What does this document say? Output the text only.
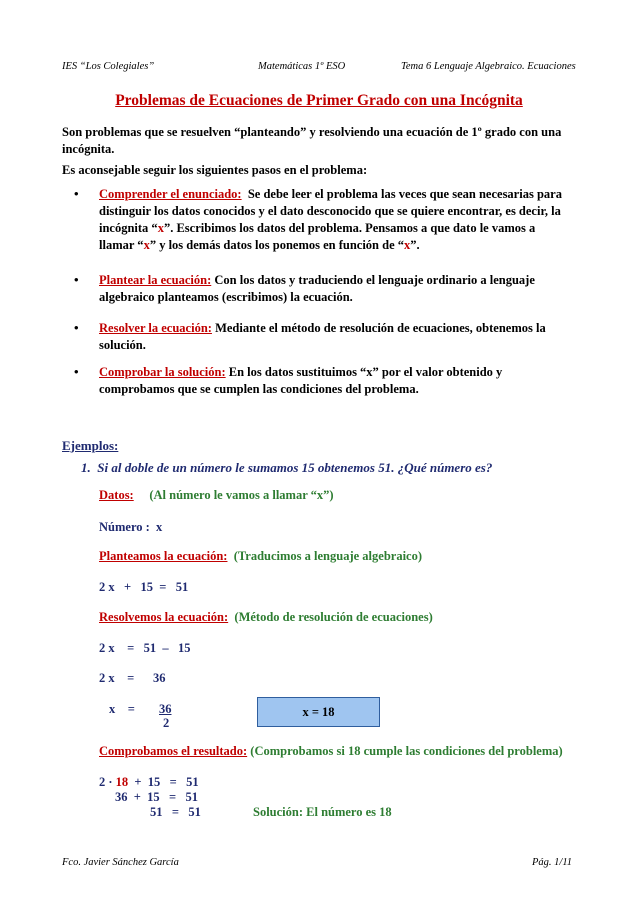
IES “Los Colegiales”	Matemáticas 1º ESO	Tema 6 Lenguaje Algebraico. Ecuaciones
Problemas de Ecuaciones de Primer Grado con una Incógnita
Son problemas que se resuelven “planteando” y resolviendo una ecuación de 1º grado con una
incógnita.
Es aconsejable seguir los siguientes pasos en el problema:
• Comprender el enunciado:  Se debe leer el problema las veces que sean necesarias para
distinguir los datos conocidos y el dato desconocido que se quiere encontrar, es decir, la
incógnita “x”. Escribimos los datos del problema. Pensamos a que dato le vamos a
llamar “x” y los demás datos los ponemos en función de “x”.
• Plantear la ecuación: Con los datos y traduciendo el lenguaje ordinario a lenguaje
algebraico planteamos (escribimos) la ecuación.
• Resolver la ecuación: Mediante el método de resolución de ecuaciones, obtenemos la
solución.
• Comprobar la solución: En los datos sustituimos “x” por el valor obtenido y
comprobamos que se cumplen las condiciones del problema.
Ejemplos:
1.  Si al doble de un número le sumamos 15 obtenemos 51. ¿Qué número es?
Datos: (Al número le vamos a llamar “x”)
Número :  x
Planteamos la ecuación: (Traducimos a lenguaje algebraico)
2 x   +   15  =   51
Resolvemos la ecuación: (Método de resolución de ecuaciones)
2 x    =   51  –   15
2 x    =      36
x    = 36
2
x = 18
Comprobamos el resultado: (Comprobamos si 18 cumple las condiciones del problema)
2 · 18  +  15   =   51
36  +  15   =   51
51   =   51	Solución: El número es 18
Fco. Javier Sánchez García	Pág. 1/11
